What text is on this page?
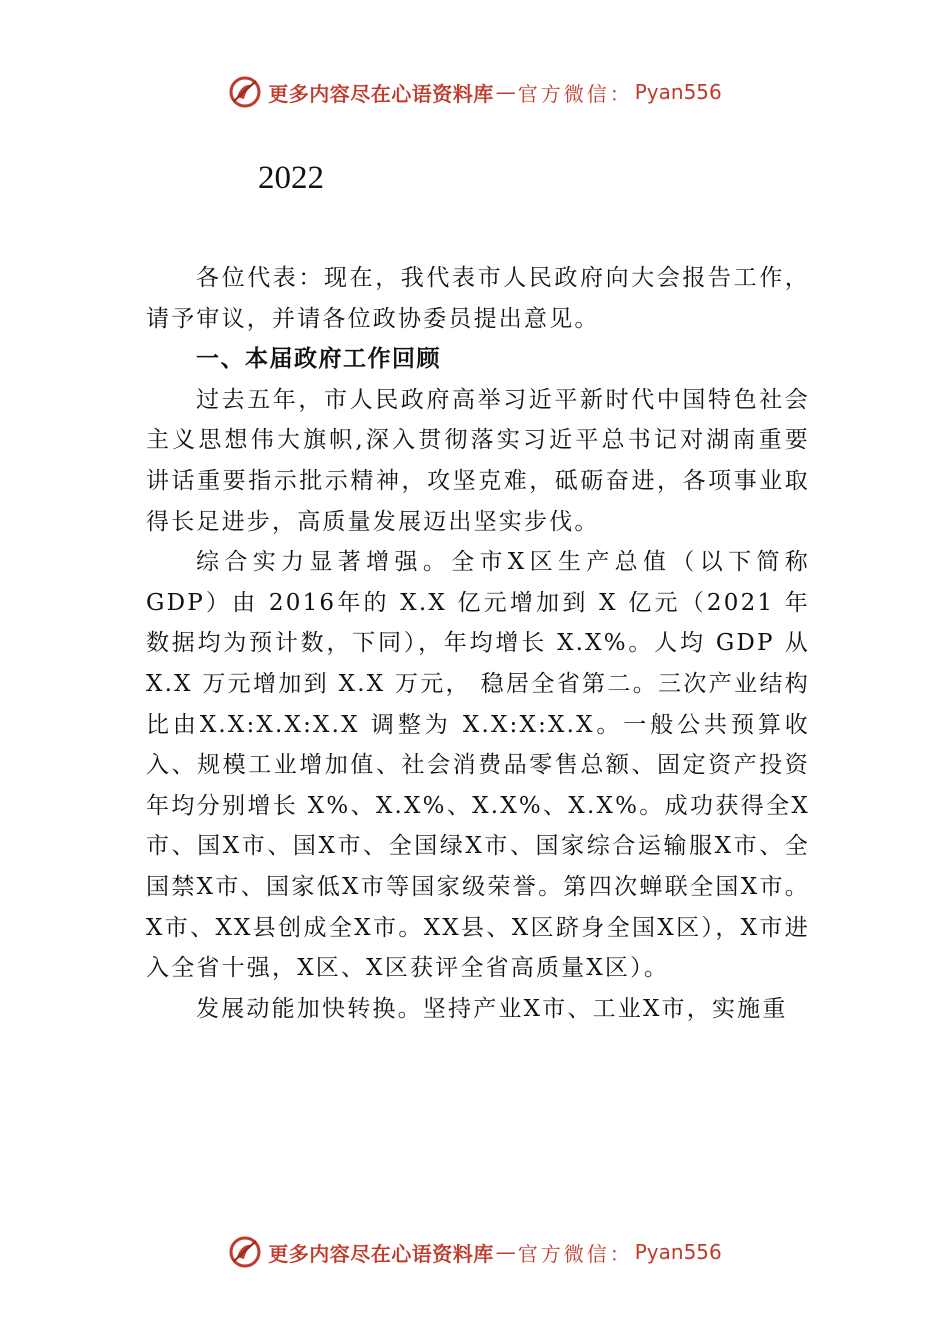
更多内容尽在心语资料库 — 官方微信： Pyan556
2022

各位代表：现在，我代表市人民政府向大会报告工作，请予审议，并请各位政协委员提出意见。

一、本届政府工作回顾

过去五年，市人民政府高举习近平新时代中国特色社会主义思想伟大旗帜,深入贯彻落实习近平总书记对湖南重要讲话重要指示批示精神，攻坚克难，砥砺奋进，各项事业取得长足进步，高质量发展迈出坚实步伐。

综合实力显著增强。全市X区生产总值（以下简称 GDP）由 2016年的 X.X 亿元增加到 X 亿元（2021 年数据均为预计数，下同），年均增长 X.X%。人均 GDP 从 X.X 万元增加到 X.X 万元， 稳居全省第二。三次产业结构比由X.X:X.X:X.X 调整为 X.X:X:X.X。一般公共预算收入、规模工业增加值、社会消费品零售总额、固定资产投资年均分别增长 X%、X.X%、X.X%、X.X%。成功获得全X市、国X市、国X市、全国绿X市、国家综合运输服X市、全国禁X市、国家低X市等国家级荣誉。第四次蝉联全国X市。X市、XX县创成全X市。XX县、X区跻身全国X区），X市进入全省十强，X区、X区获评全省高质量X区）。

发展动能加快转换。坚持产业X市、工业X市，实施重

更多内容尽在心语资料库 — 官方微信： Pyan556
